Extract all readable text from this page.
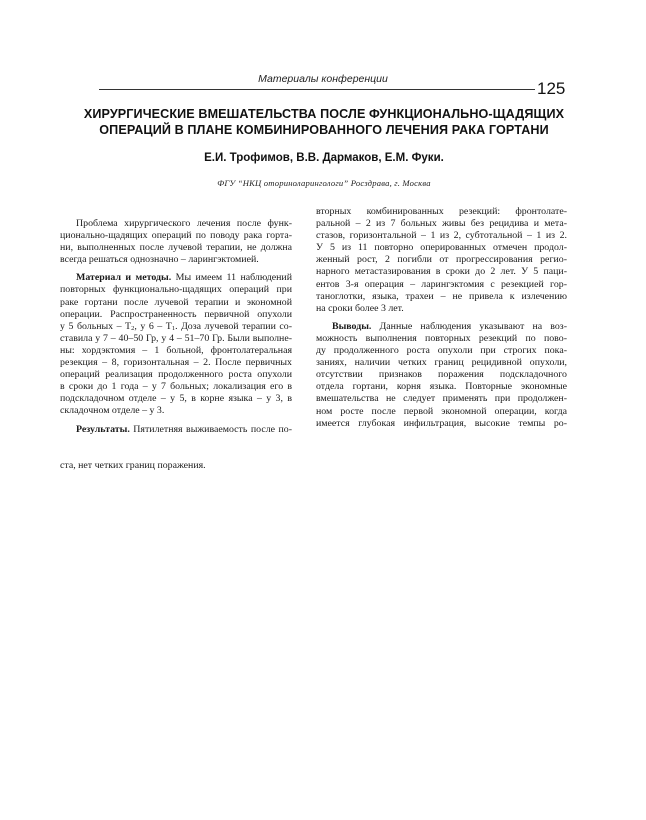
Материалы конференции	125
ХИРУРГИЧЕСКИЕ ВМЕШАТЕЛЬСТВА ПОСЛЕ ФУНКЦИОНАЛЬНО-ЩАДЯЩИХ
ОПЕРАЦИЙ В ПЛАНЕ КОМБИНИРОВАННОГО ЛЕЧЕНИЯ РАКА ГОРТАНИ
Е.И. Трофимов, В.В. Дармаков, Е.М. Фуки.
ФГУ “НКЦ оториноларингологи” Росздрава, г. Москва
Проблема хирургического лечения после функ-
ционально-щадящих операций по поводу рака горта-
ни, выполненных после лучевой терапии, не должна
всегда решаться однозначно – ларингэктомией.
Материал и методы. Мы имеем 11 наблюдений
повторных функционально-щадящих операций при
раке гортани после лучевой терапии и экономной
операции. Распространенность первичной опухоли
у 5 больных – $Т_2$, у $6 - Т_1$. Доза лучевой терапии со-
ставила у 7 – 40–50 Гр, у 4 – 51–70 Гр. Были выполне-
ны: хордэктомия – 1 больной, фронтолатеральная
резекция – 8, горизонтальная – 2. После первичных
операций реализация продолженного роста опухоли
в сроки до 1 года – у 7 больных; локализация его в
подскладочном отделе – у 5, в корне языка – у 3, в
складочном отделе – у 3.
Результаты. Пятилетняя выживаемость после по-
ста, нет четких границ поражения.
вторных комбинированных резекций: фронтолате-
ральной – 2 из 7 больных живы без рецидива и мета-
стазов, горизонтальной – 1 из 2, субтотальной – 1 из 2.
У 5 из 11 повторно оперированных отмечен продол-
женный рост, 2 погибли от прогрессирования регио-
нарного метастазирования в сроки до 2 лет. У 5 паци-
ентов 3-я операция – ларингэктомия с резекцией гор-
таноглотки, языка, трахеи – не привела к излечению
на сроки более 3 лет.
Выводы. Данные наблюдения указывают на воз-
можность выполнения повторных резекций по пово-
ду продолженного роста опухоли при строгих пока-
заниях, наличии четких границ рецидивной опухоли,
отсутствии признаков поражения подскладочного
отдела гортани, корня языка. Повторные экономные
вмешательства не следует применять при продолжен-
ном росте после первой экономной операции, когда
имеется глубокая инфильтрация, высокие темпы ро-
